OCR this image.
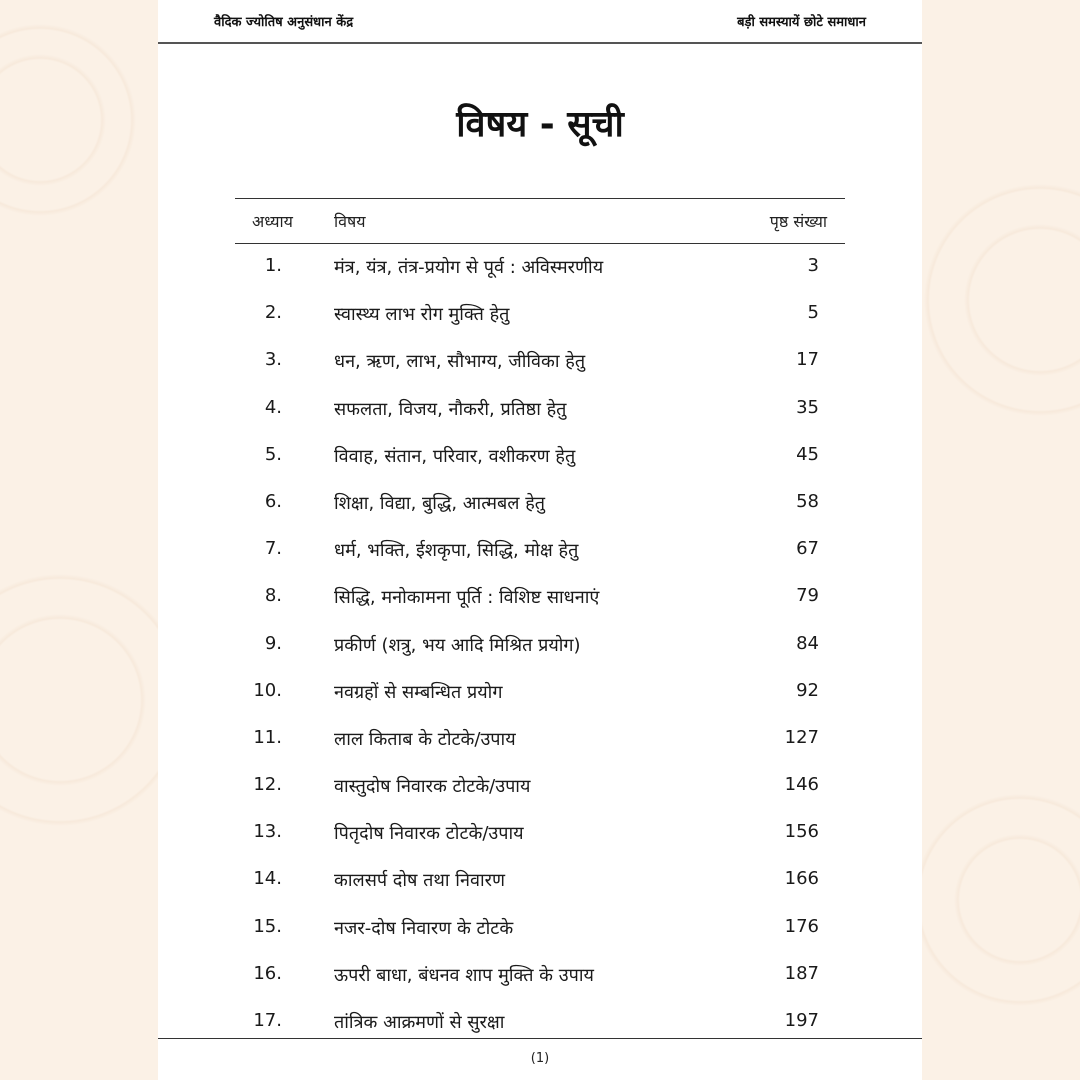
वैदिक ज्योतिष अनुसंधान केंद्र	बड़ी समस्यायें छोटे समाधान
विषय - सूची
अध्याय	विषय	पृष्ठ संख्या
1.	मंत्र, यंत्र, तंत्र-प्रयोग से पूर्व : अविस्मरणीय	3
2.	स्वास्थ्य लाभ रोग मुक्ति हेतु	5
3.	धन, ऋण, लाभ, सौभाग्य, जीविका हेतु	17
4.	सफलता, विजय, नौकरी, प्रतिष्ठा हेतु	35
5.	विवाह, संतान, परिवार, वशीकरण हेतु	45
6.	शिक्षा, विद्या, बुद्धि, आत्मबल हेतु	58
7.	धर्म, भक्ति, ईशकृपा, सिद्धि, मोक्ष हेतु	67
8.	सिद्धि, मनोकामना पूर्ति : विशिष्ट साधनाएं	79
9.	प्रकीर्ण (शत्रु, भय आदि मिश्रित प्रयोग)	84
10.	नवग्रहों से सम्बन्धित प्रयोग	92
11.	लाल किताब के टोटके/उपाय	127
12.	वास्तुदोष निवारक टोटके/उपाय	146
13.	पितृदोष निवारक टोटके/उपाय	156
14.	कालसर्प दोष तथा निवारण	166
15.	नजर-दोष निवारण के टोटके	176
16.	ऊपरी बाधा, बंधनव शाप मुक्ति के उपाय	187
17.	तांत्रिक आक्रमणों से सुरक्षा	197
(1)
